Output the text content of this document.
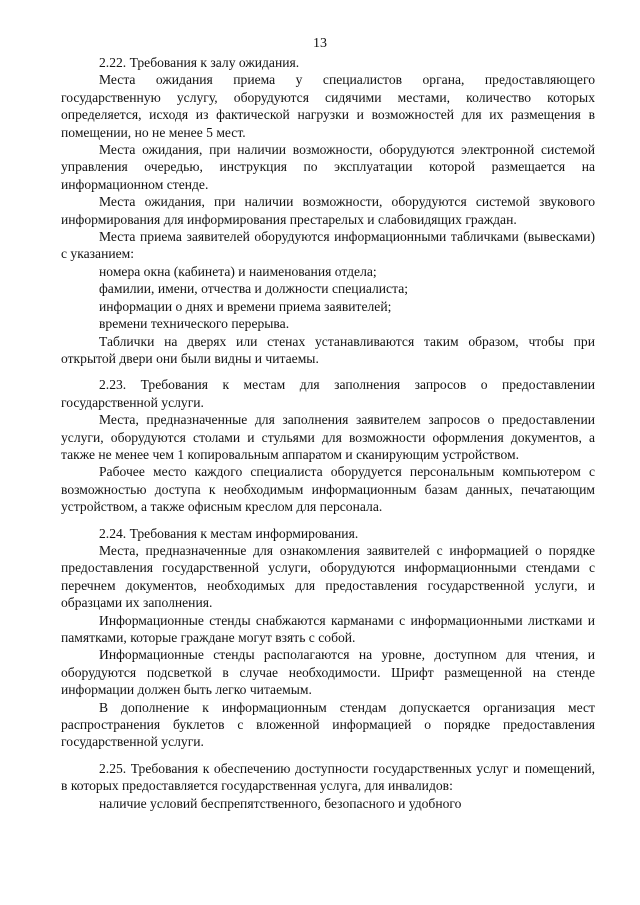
13

2.22. Требования к залу ожидания.

Места ожидания приема у специалистов органа, предоставляющего государственную услугу, оборудуются сидячими местами, количество которых определяется, исходя из фактической нагрузки и возможностей для их размещения в помещении, но не менее 5 мест.

Места ожидания, при наличии возможности, оборудуются электронной системой управления очередью, инструкция по эксплуатации которой размещается на информационном стенде.

Места ожидания, при наличии возможности, оборудуются системой звукового информирования для информирования престарелых и слабовидящих граждан.

Места приема заявителей оборудуются информационными табличками (вывесками) с указанием:

номера окна (кабинета) и наименования отдела;

фамилии, имени, отчества и должности специалиста;

информации о днях и времени приема заявителей;

времени технического перерыва.

Таблички на дверях или стенах устанавливаются таким образом, чтобы при открытой двери они были видны и читаемы.

2.23. Требования к местам для заполнения запросов о предоставлении государственной услуги.

Места, предназначенные для заполнения заявителем запросов о предоставлении услуги, оборудуются столами и стульями для возможности оформления документов, а также не менее чем 1 копировальным аппаратом и сканирующим устройством.

Рабочее место каждого специалиста оборудуется персональным компьютером с возможностью доступа к необходимым информационным базам данных, печатающим устройством, а также офисным креслом для персонала.

2.24. Требования к местам информирования.

Места, предназначенные для ознакомления заявителей с информацией о порядке предоставления государственной услуги, оборудуются информационными стендами с перечнем документов, необходимых для предоставления государственной услуги, и образцами их заполнения.

Информационные стенды снабжаются карманами с информационными листками и памятками, которые граждане могут взять с собой.

Информационные стенды располагаются на уровне, доступном для чтения, и оборудуются подсветкой в случае необходимости. Шрифт размещенной на стенде информации должен быть легко читаемым.

В дополнение к информационным стендам допускается организация мест распространения буклетов с вложенной информацией о порядке предоставления государственной услуги.

2.25. Требования к обеспечению доступности государственных услуг и помещений, в которых предоставляется государственная услуга, для инвалидов:

наличие условий беспрепятственного, безопасного и удобного
